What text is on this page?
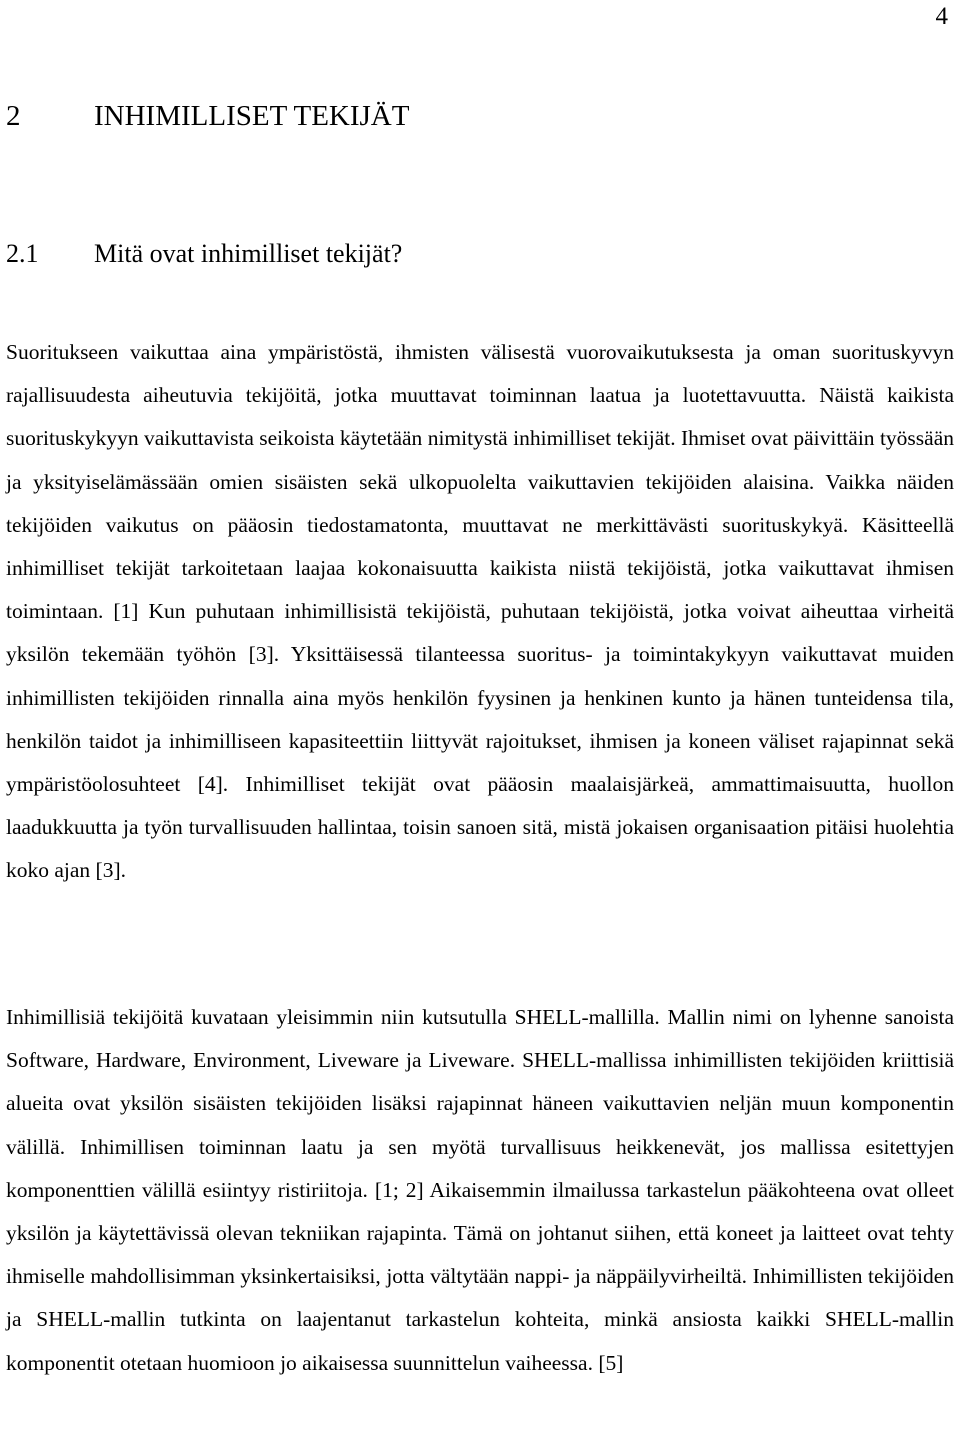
4
2	INHIMILLISET TEKIJÄT
2.1 Mitä ovat inhimilliset tekijät?

Suoritukseen vaikuttaa aina ympäristöstä, ihmisten välisestä vuorovaikutuksesta ja oman suorituskyvyn rajallisuudesta aiheutuvia tekijöitä, jotka muuttavat toiminnan laatua ja luotettavuutta. Näistä kaikista suorituskykyyn vaikuttavista seikoista käytetään nimitystä inhimilliset tekijät. Ihmiset ovat päivittäin työssään ja yksityiselämässään omien sisäisten sekä ulkopuolelta vaikuttavien tekijöiden alaisina. Vaikka näiden tekijöiden vaikutus on pääosin tiedostamatonta, muuttavat ne merkittävästi suorituskykyä. Käsitteellä inhimilliset tekijät tarkoitetaan laajaa kokonaisuutta kaikista niistä tekijöistä, jotka vaikuttavat ihmisen toimintaan. [1] Kun puhutaan inhimillisistä tekijöistä, puhutaan tekijöistä, jotka voivat aiheuttaa virheitä yksilön tekemään työhön [3]. Yksittäisessä tilanteessa suoritus- ja toimintakykyyn vaikuttavat muiden inhimillisten tekijöiden rinnalla aina myös henkilön fyysinen ja henkinen kunto ja hänen tunteidensa tila, henkilön taidot ja inhimilliseen kapasiteettiin liittyvät rajoitukset, ihmisen ja koneen väliset rajapinnat sekä ympäristöolosuhteet [4]. Inhimilliset tekijät ovat pääosin maalaisjärkeä, ammattimaisuutta, huollon laadukkuutta ja työn turvallisuuden hallintaa, toisin sanoen sitä, mistä jokaisen organisaation pitäisi huolehtia koko ajan [3].

Inhimillisiä tekijöitä kuvataan yleisimmin niin kutsutulla SHELL-mallilla. Mallin nimi on lyhenne sanoista Software, Hardware, Environment, Liveware ja Liveware. SHELL-mallissa inhimillisten tekijöiden kriittisiä alueita ovat yksilön sisäisten tekijöiden lisäksi rajapinnat häneen vaikuttavien neljän muun komponentin välillä. Inhimillisen toiminnan laatu ja sen myötä turvallisuus heikkenevät, jos mallissa esitettyjen komponenttien välillä esiintyy ristiriitoja. [1; 2] Aikaisemmin ilmailussa tarkastelun pääkohteena ovat olleet yksilön ja käytettävissä olevan tekniikan rajapinta. Tämä on johtanut siihen, että koneet ja laitteet ovat tehty ihmiselle mahdollisimman yksinkertaisiksi, jotta vältytään nappi- ja näppäilyvirheiltä. Inhimillisten tekijöiden ja SHELL-mallin tutkinta on laajentanut tarkastelun kohteita, minkä ansiosta kaikki SHELL-mallin komponentit otetaan huomioon jo aikaisessa suunnittelun vaiheessa. [5]
